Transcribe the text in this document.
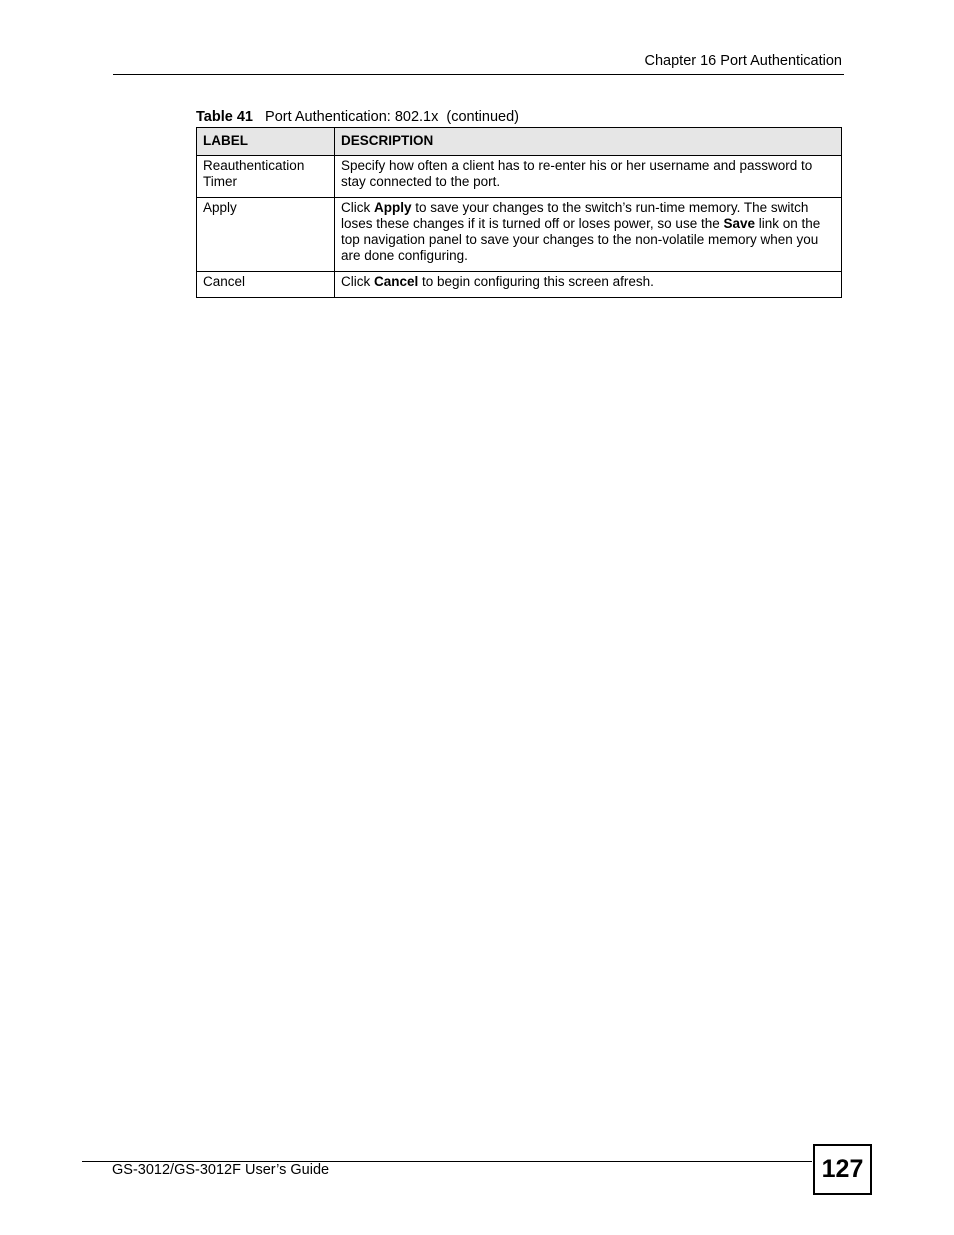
Chapter 16 Port Authentication
Table 41 Port Authentication: 802.1x  (continued)
LABEL	DESCRIPTION
Reauthentication Timer	Specify how often a client has to re-enter his or her username and password to stay connected to the port.
Apply	Click Apply to save your changes to the switch’s run-time memory. The switch loses these changes if it is turned off or loses power, so use the Save link on the top navigation panel to save your changes to the non-volatile memory when you are done configuring.
Cancel	Click Cancel to begin configuring this screen afresh.
GS-3012/GS-3012F User’s Guide	127
